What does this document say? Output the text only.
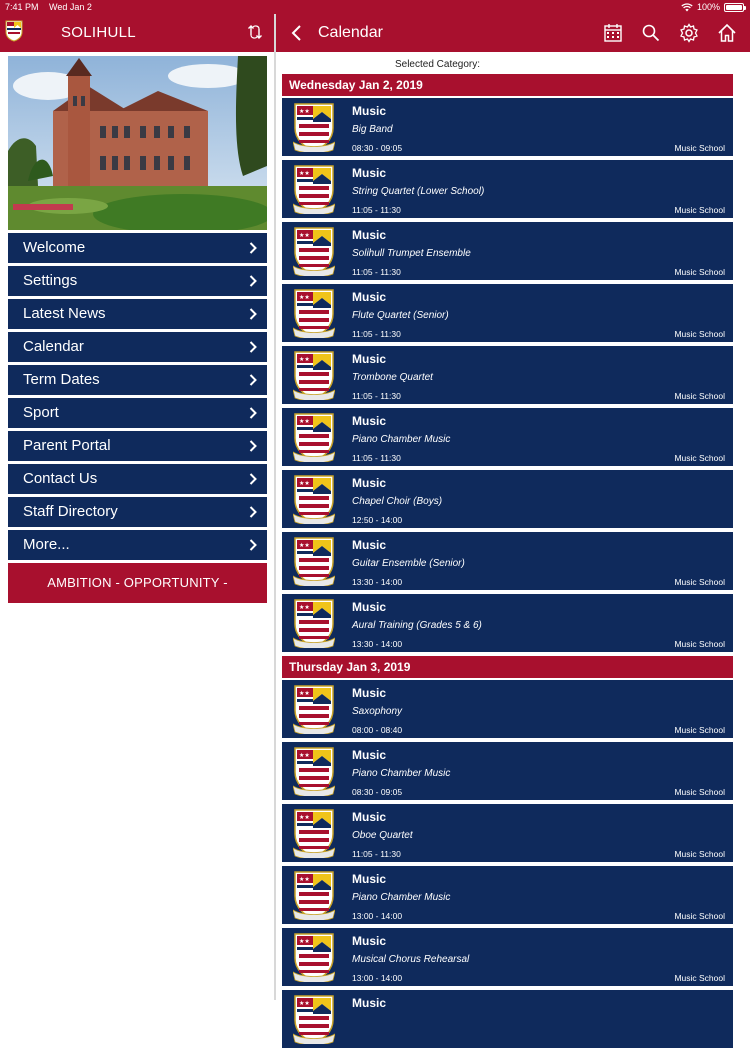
7:41 PM Wed Jan 2	100%
SOLIHULL	Calendar
Welcome
Settings
Latest News
Calendar
Term Dates
Sport
Parent Portal
Contact Us
Staff Directory
More...
AMBITION - OPPORTUNITY - COMMUNITY
Selected Category:
Wednesday Jan 2, 2019
★★	Music
Big Band
08:30 - 09:05	Music School
★★	Music
String Quartet (Lower School)
11:05 - 11:30	Music School
★★	Music
Solihull Trumpet Ensemble
11:05 - 11:30	Music School
★★	Music
Flute Quartet (Senior)
11:05 - 11:30	Music School
★★	Music
Trombone Quartet
11:05 - 11:30	Music School
★★	Music
Piano Chamber Music
11:05 - 11:30	Music School
★★	Music
Chapel Choir (Boys)
12:50 - 14:00
★★	Music
Guitar Ensemble (Senior)
13:30 - 14:00	Music School
★★	Music
Aural Training (Grades 5 & 6)
13:30 - 14:00	Music School
Thursday Jan 3, 2019
★★	Music
Saxophony
08:00 - 08:40	Music School
★★	Music
Piano Chamber Music
08:30 - 09:05	Music School
★★	Music
Oboe Quartet
11:05 - 11:30	Music School
★★	Music
Piano Chamber Music
13:00 - 14:00	Music School
★★	Music
Musical Chorus Rehearsal
13:00 - 14:00	Music School
★★	Music
